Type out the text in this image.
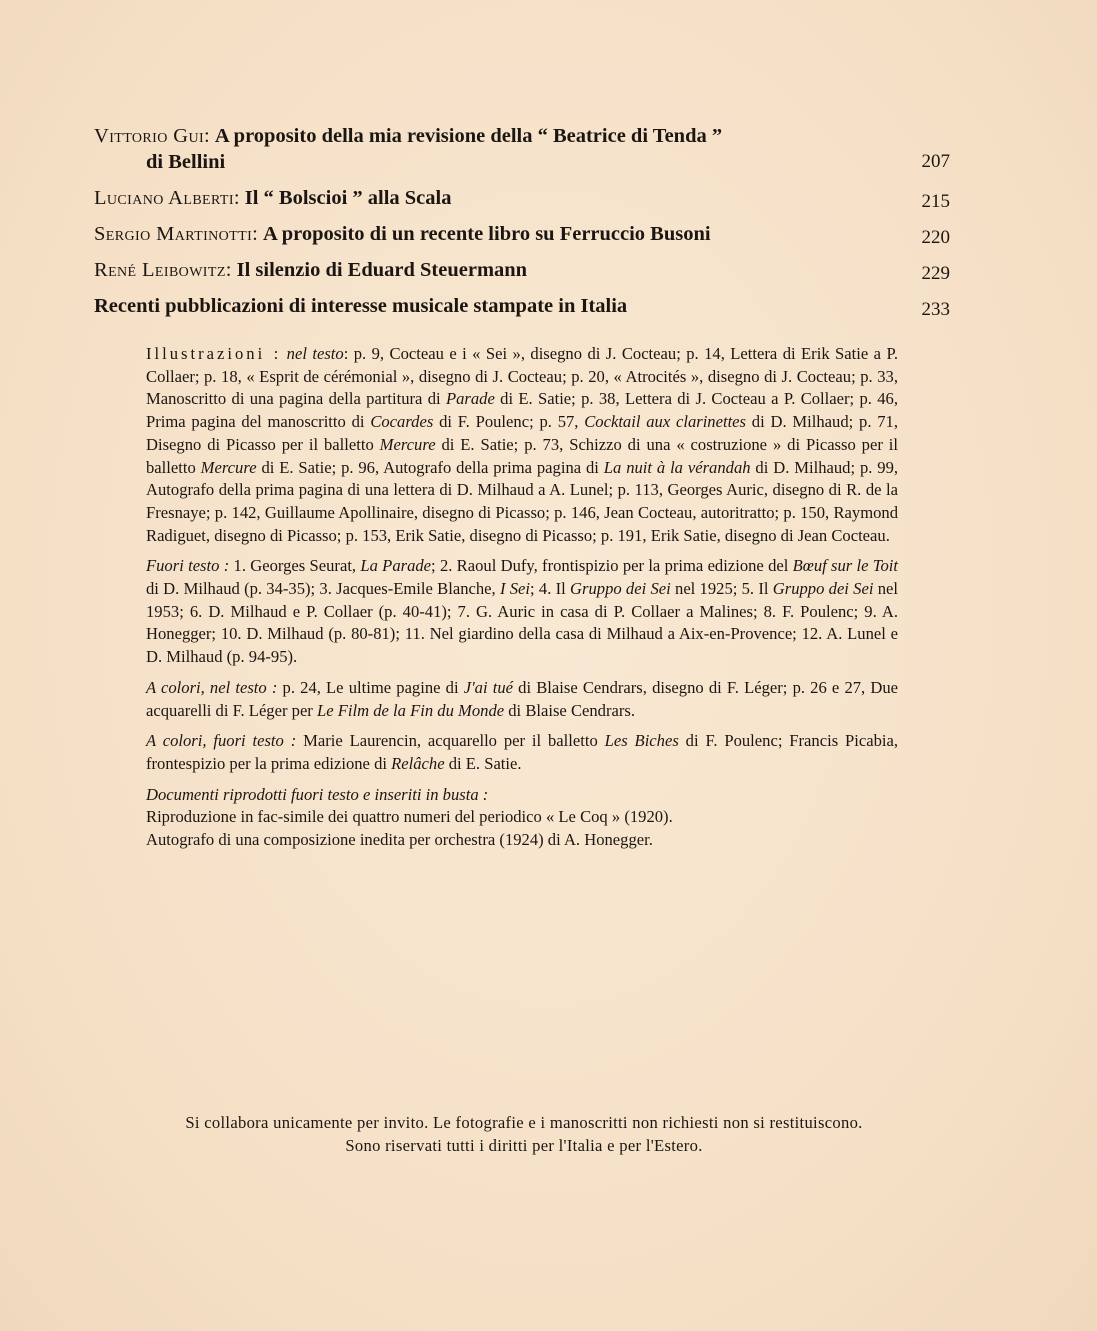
Vittorio Gui: A proposito della mia revisione della “ Beatrice di Tenda ”
di Bellini	207
Luciano Alberti: Il “ Bolscioi ” alla Scala	215
Sergio Martinotti: A proposito di un recente libro su Ferruccio Busoni	220
René Leibowitz: Il silenzio di Eduard Steuermann	229
Recenti pubblicazioni di interesse musicale stampate in Italia	233

Illustrazioni : nel testo: p. 9, Cocteau e i « Sei », disegno di J. Cocteau; p. 14, Lettera di Erik Satie a P. Collaer; p. 18, « Esprit de cérémonial », disegno di J. Cocteau; p. 20, « Atrocités », disegno di J. Cocteau; p. 33, Manoscritto di una pagina della partitura di Parade di E. Satie; p. 38, Lettera di J. Cocteau a P. Collaer; p. 46, Prima pagina del manoscritto di Cocardes di F. Poulenc; p. 57, Cocktail aux clarinettes di D. Milhaud; p. 71, Disegno di Picasso per il balletto Mercure di E. Satie; p. 73, Schizzo di una « costruzione » di Picasso per il balletto Mercure di E. Satie; p. 96, Autografo della prima pagina di La nuit à la vérandah di D. Milhaud; p. 99, Autografo della prima pagina di una lettera di D. Milhaud a A. Lunel; p. 113, Georges Auric, disegno di R. de la Fresnaye; p. 142, Guillaume Apollinaire, disegno di Picasso; p. 146, Jean Cocteau, autoritratto; p. 150, Raymond Radiguet, disegno di Picasso; p. 153, Erik Satie, disegno di Picasso; p. 191, Erik Satie, disegno di Jean Cocteau.

Fuori testo : 1. Georges Seurat, La Parade; 2. Raoul Dufy, frontispizio per la prima edizione del Bœuf sur le Toit di D. Milhaud (p. 34-35); 3. Jacques-Emile Blanche, I Sei; 4. Il Gruppo dei Sei nel 1925; 5. Il Gruppo dei Sei nel 1953; 6. D. Milhaud e P. Collaer (p. 40-41); 7. G. Auric in casa di P. Collaer a Malines; 8. F. Poulenc; 9. A. Honegger; 10. D. Milhaud (p. 80-81); 11. Nel giardino della casa di Milhaud a Aix-en-Provence; 12. A. Lunel e D. Milhaud (p. 94-95).

A colori, nel testo : p. 24, Le ultime pagine di J'ai tué di Blaise Cendrars, disegno di F. Léger; p. 26 e 27, Due acquarelli di F. Léger per Le Film de la Fin du Monde di Blaise Cendrars.

A colori, fuori testo : Marie Laurencin, acquarello per il balletto Les Biches di F. Poulenc; Francis Picabia, frontespizio per la prima edizione di Relâche di E. Satie.

Documenti riprodotti fuori testo e inseriti in busta :
Riproduzione in fac-simile dei quattro numeri del periodico « Le Coq » (1920).
Autografo di una composizione inedita per orchestra (1924) di A. Honegger.

Si collabora unicamente per invito. Le fotografie e i manoscritti non richiesti non si restituiscono.
Sono riservati tutti i diritti per l'Italia e per l'Estero.
